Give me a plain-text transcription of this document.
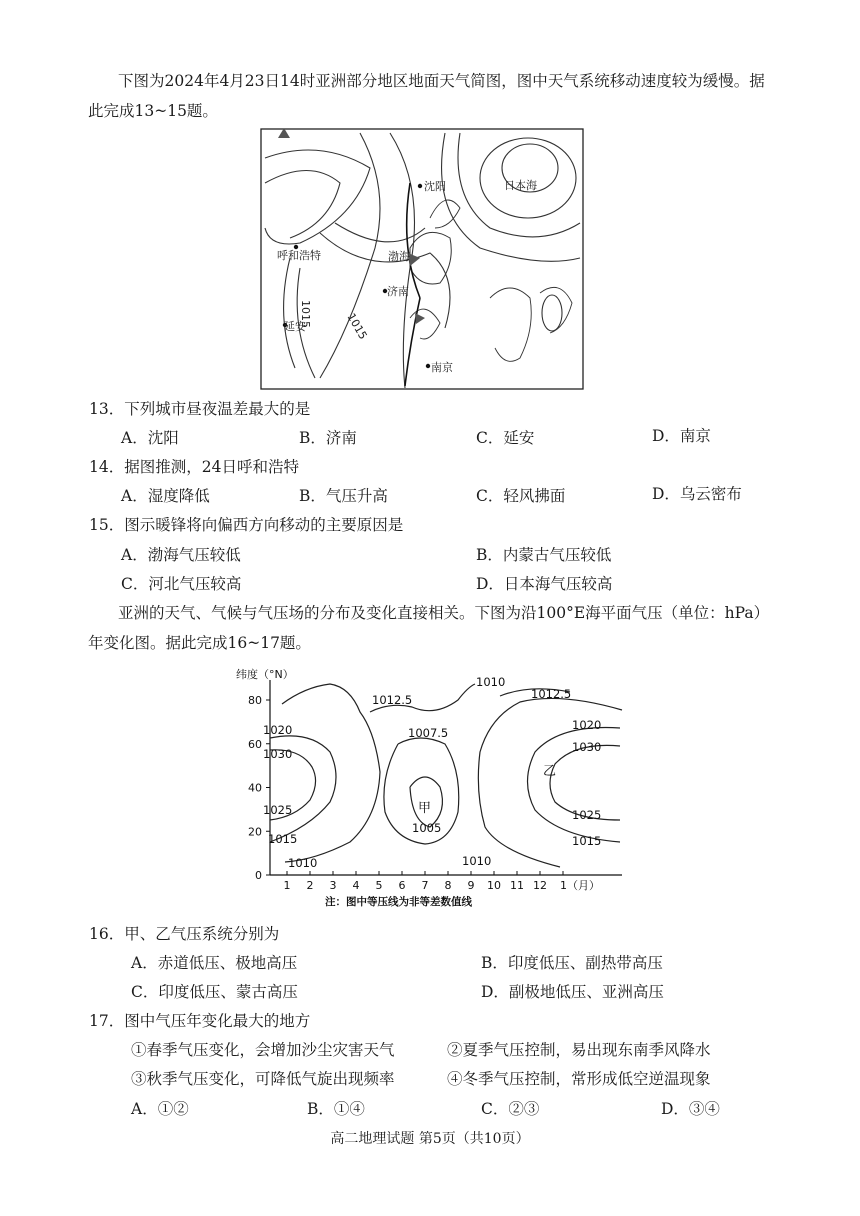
下图为2024年4月23日14时亚洲部分地区地面天气简图，图中天气系统移动速度较为缓慢。据此完成13~15题。
沈阳	日本海
呼和浩特	渤海
济南
延安
南京
1015	1015
13．下列城市昼夜温差最大的是
A．沈阳	B．济南	C．延安	D．南京
14．据图推测，24日呼和浩特
A．湿度降低	B．气压升高	C．轻风拂面	D．乌云密布
15．图示暖锋将向偏西方向移动的主要原因是
A．渤海气压较低	B．内蒙古气压较低
C．河北气压较高	D．日本海气压较高
亚洲的天气、气候与气压场的分布及变化直接相关。下图为沿100°E海平面气压（单位：hPa）年变化图。据此完成16~17题。
纬度（°N）
0
20
40
60
80
1 2 3 4 5 6 7 8 9 10 11 12 1（月）
1012.5
1010
1012.5
1007.5
1020
1030
1025
1015
1010
1020
1030
1025
1015
1010
1005
甲
乙
注：图中等压线为非等差数值线
16．甲、乙气压系统分别为
A．赤道低压、极地高压	B．印度低压、副热带高压
C．印度低压、蒙古高压	D．副极地低压、亚洲高压
17．图中气压年变化最大的地方
①春季气压变化，会增加沙尘灾害天气	②夏季气压控制，易出现东南季风降水
③秋季气压变化，可降低气旋出现频率	④冬季气压控制，常形成低空逆温现象
A．①②	B．①④	C．②③	D．③④
高二地理试题 第5页（共10页）
